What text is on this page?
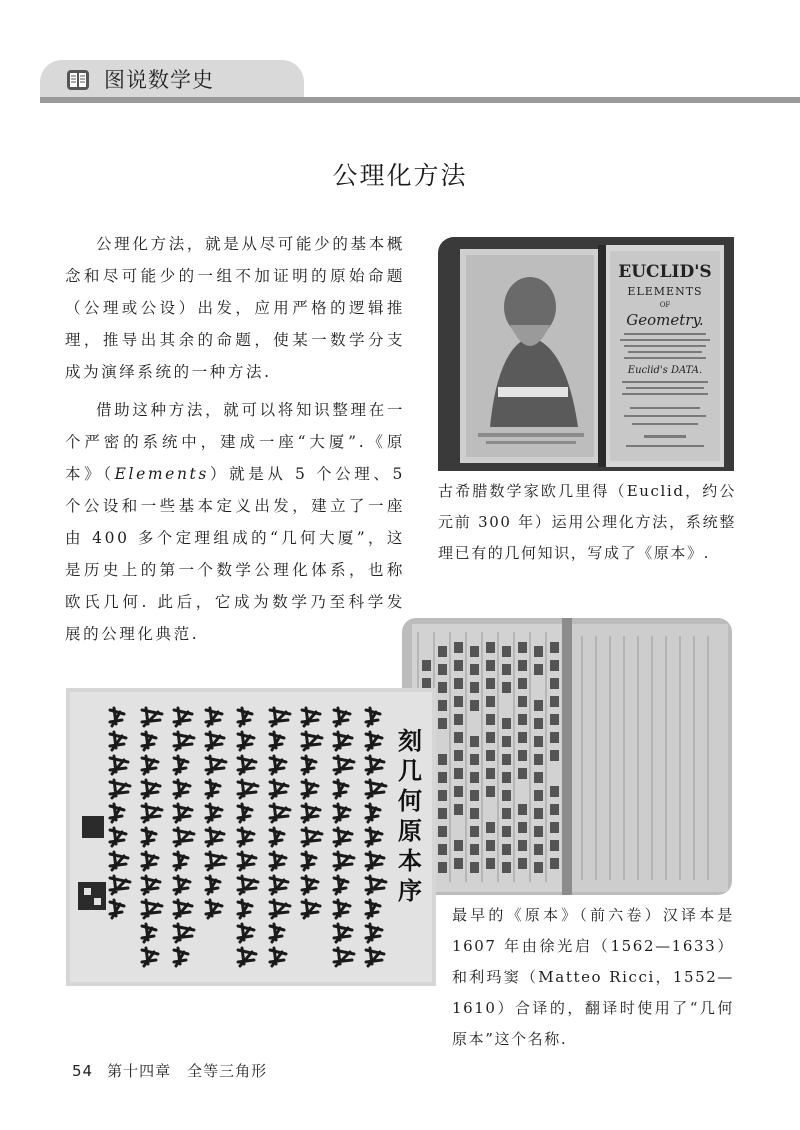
图说数学史
公理化方法

公理化方法，就是从尽可能少的基本概念和尽可能少的一组不加证明的原始命题（公理或公设）出发，应用严格的逻辑推理，推导出其余的命题，使某一数学分支成为演绎系统的一种方法.

借助这种方法，就可以将知识整理在一个严密的系统中，建成一座“大厦”.《原本》（Elements）就是从 5 个公理、5 个公设和一些基本定义出发，建立了一座由 400 多个定理组成的“几何大厦”，这是历史上的第一个数学公理化体系，也称欧氏几何. 此后，它成为数学乃至科学发展的公理化典范.

EUCLID'S
ELEMENTS
OF
Geometry.
Euclid's DATA.
古希腊数学家欧几里得（Euclid，约公元前 300 年）运用公理化方法，系统整理已有的几何知识，写成了《原本》.
刻几何原本序
最早的《原本》（前六卷）汉译本是 1607 年由徐光启（1562—1633）和利玛窦（Matteo Ricci，1552—1610）合译的，翻译时使用了“几何原本”这个名称.
54 第十四章　全等三角形
